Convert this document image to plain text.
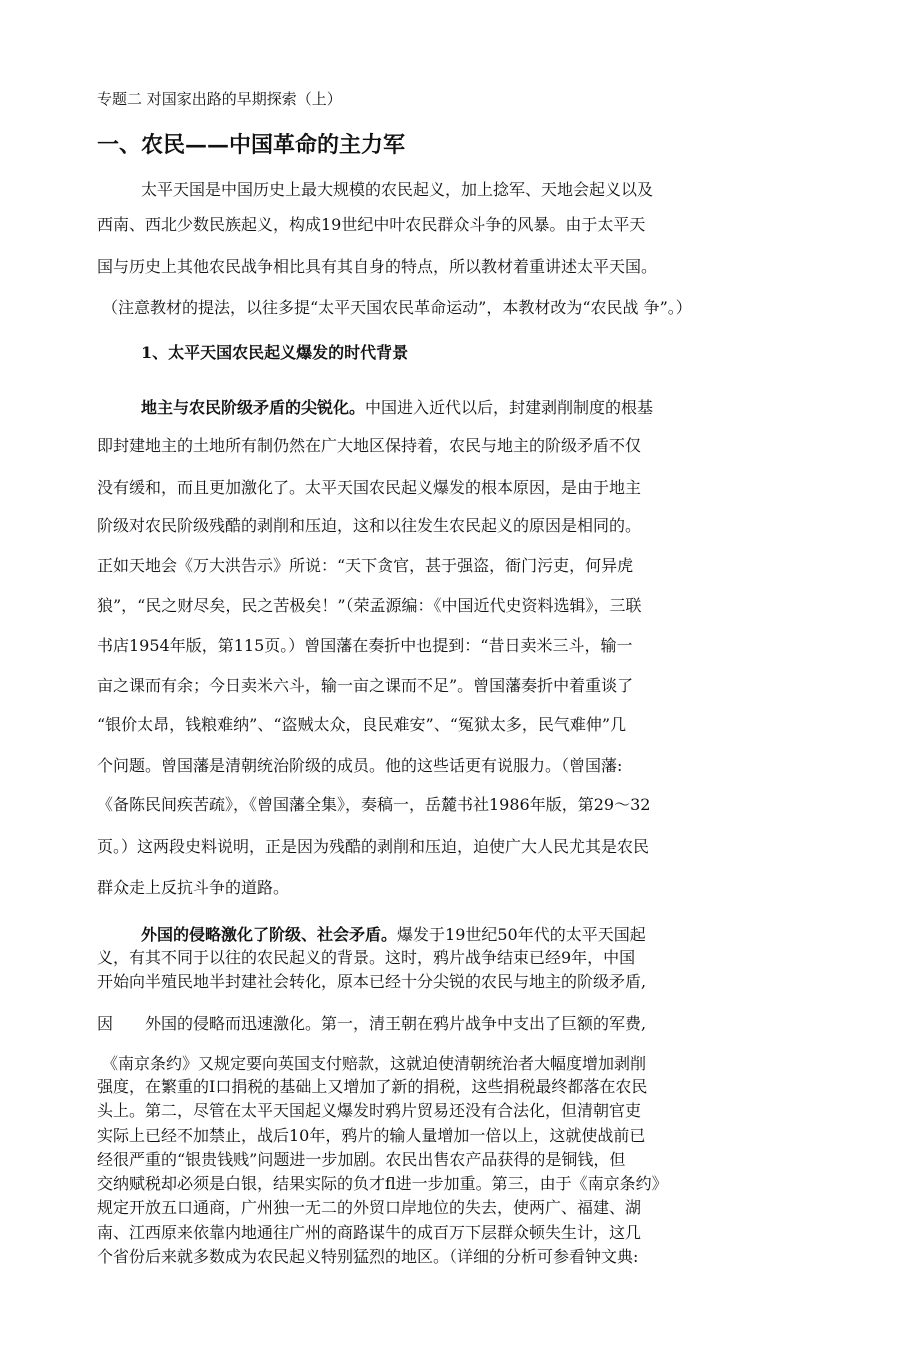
专题二 对国家出路的早期探索（上）
一、农民——中国革命的主力军
太平天国是中国历史上最大规模的农民起义，加上捻军、天地会起义以及
西南、西北少数民族起义，构成19世纪中叶农民群众斗争的风暴。由于太平天
国与历史上其他农民战争相比具有其自身的特点，所以教材着重讲述太平天国。
（注意教材的提法，以往多提“太平天国农民革命运动”，本教材改为“农民战 争”。）
1、太平天国农民起义爆发的时代背景
地主与农民阶级矛盾的尖锐化。中国进入近代以后，封建剥削制度的根基
即封建地主的土地所有制仍然在广大地区保持着，农民与地主的阶级矛盾不仅
没有缓和，而且更加激化了。太平天国农民起义爆发的根本原因，是由于地主
阶级对农民阶级残酷的剥削和压迫，这和以往发生农民起义的原因是相同的。
正如天地会《万大洪告示》所说：“天下贪官，甚于强盗，衙门污吏，何异虎
狼”，“民之财尽矣，民之苦极矣！”（荣孟源编：《中国近代史资料选辑》，三联
书店1954年版，第115页。）曾国藩在奏折中也提到：“昔日卖米三斗，输一
亩之课而有余；今日卖米六斗，输一亩之课而不足”。曾国藩奏折中着重谈了
“银价太昂，钱粮难纳”、“盗贼太众，良民难安”、“冤狱太多，民气难伸”几
个问题。曾国藩是清朝统治阶级的成员。他的这些话更有说服力。（曾国藩:
《备陈民间疾苦疏》，《曾国藩全集》，奏稿一，岳麓书社1986年版，第29～32
页。）这两段史料说明，正是因为残酷的剥削和压迫，迫使广大人民尤其是农民
群众走上反抗斗争的道路。
外国的侵略激化了阶级、社会矛盾。爆发于19世纪50年代的太平天国起
义，有其不同于以往的农民起义的背景。这时，鸦片战争结束已经9年，中国
开始向半殖民地半封建社会转化，原本已经十分尖锐的农民与地主的阶级矛盾,
因　　外国的侵略而迅速激化。第一，清王朝在鸦片战争中支出了巨额的军费,
《南京条约》又规定要向英国支付赔款，这就迫使清朝统治者大幅度增加剥削
强度，在繁重的I口捐税的基础上又增加了新的捐税，这些捐税最终都落在农民
头上。第二，尽管在太平天国起义爆发时鸦片贸易还没有合法化，但清朝官吏
实际上已经不加禁止，战后10年，鸦片的输人量增加一倍以上，这就使战前已
经很严重的“银贵钱贱”问题进一步加剧。农民出售农产品获得的是铜钱，但
交纳赋税却必须是白银，结果实际的负才fl进一步加重。第三，由于《南京条约》
规定开放五口通商，广州独一无二的外贸口岸地位的失去，使两广、福建、湖
南、江西原来依靠内地通往广州的商路谋牛的成百万下层群众顿失生计，这几
个省份后来就多数成为农民起义特别猛烈的地区。（详细的分析可参看钟文典:
